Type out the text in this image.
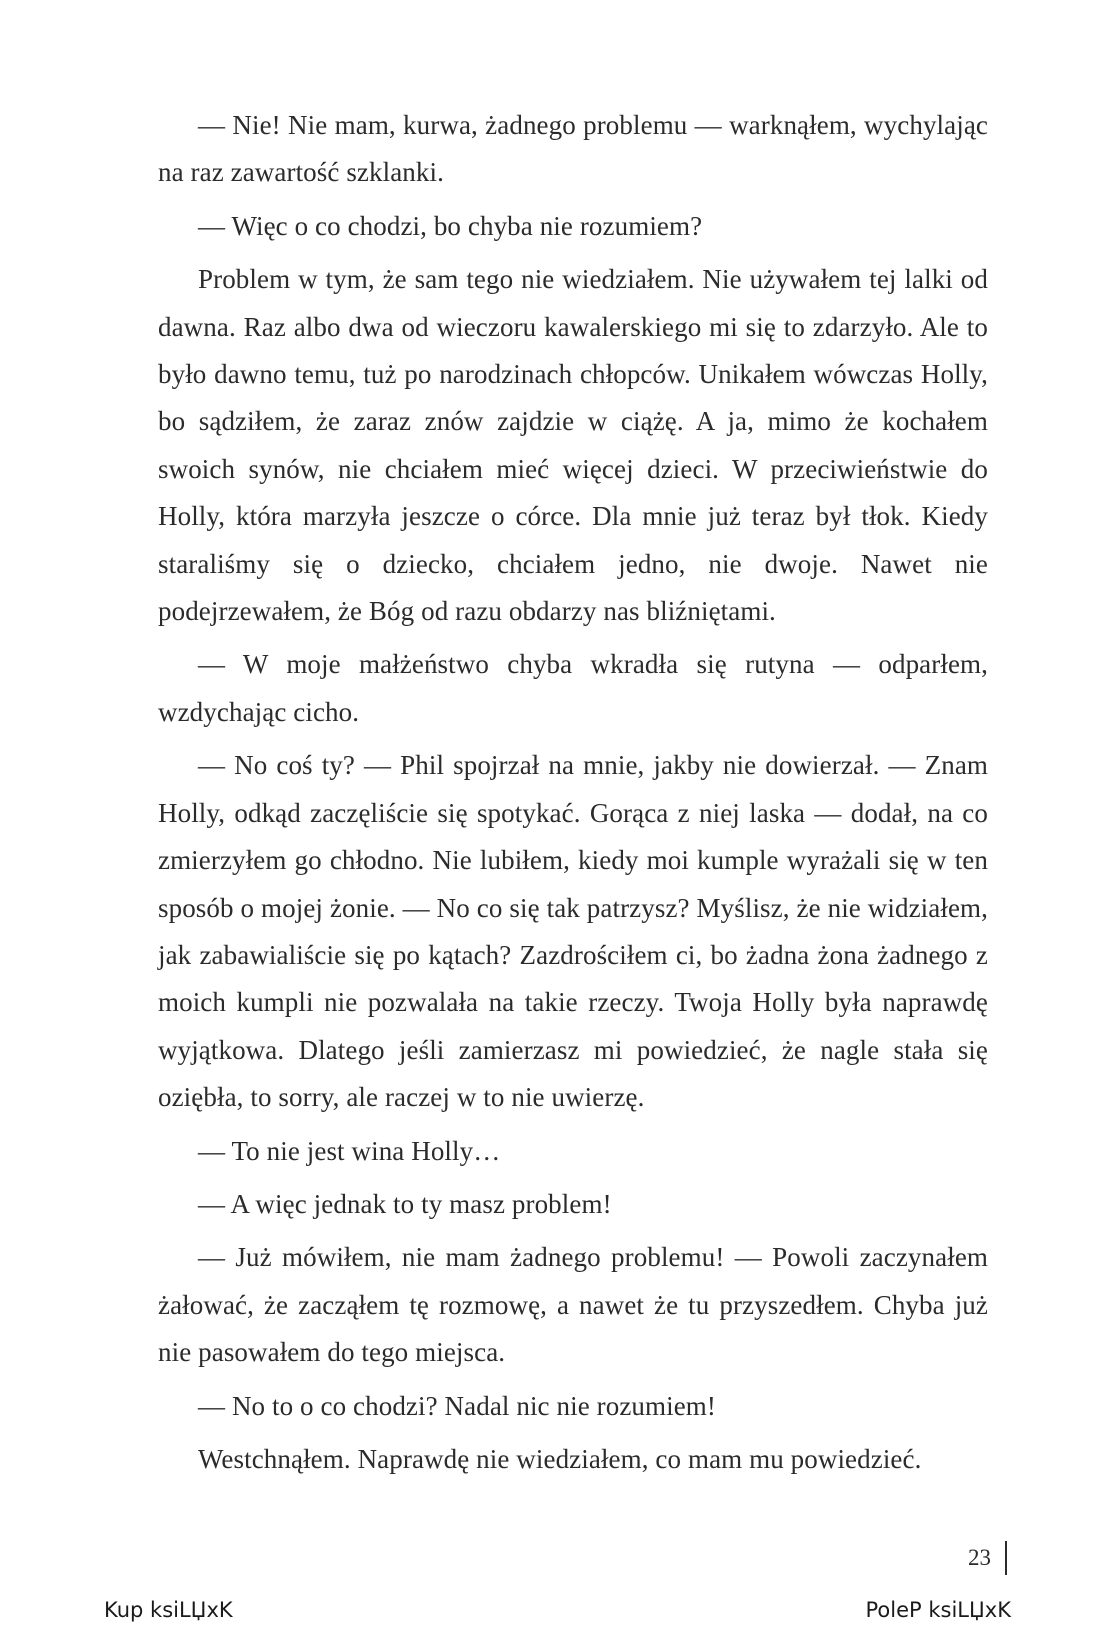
— Nie! Nie mam, kurwa, żadnego problemu — warknąłem, wychylając na raz zawartość szklanki.

— Więc o co chodzi, bo chyba nie rozumiem?

Problem w tym, że sam tego nie wiedziałem. Nie używałem tej lalki od dawna. Raz albo dwa od wieczoru kawalerskiego mi się to zdarzyło. Ale to było dawno temu, tuż po narodzinach chłopców. Unikałem wówczas Holly, bo sądziłem, że zaraz znów zajdzie w ciążę. A ja, mimo że kochałem swoich synów, nie chciałem mieć więcej dzieci. W przeciwieństwie do Holly, która marzyła jeszcze o córce. Dla mnie już teraz był tłok. Kiedy staraliśmy się o dziecko, chciałem jedno, nie dwoje. Nawet nie podejrzewałem, że Bóg od razu obdarzy nas bliźniętami.

— W moje małżeństwo chyba wkradła się rutyna — odparłem, wzdychając cicho.

— No coś ty? — Phil spojrzał na mnie, jakby nie dowierzał. — Znam Holly, odkąd zaczęliście się spotykać. Gorąca z niej laska — dodał, na co zmierzyłem go chłodno. Nie lubiłem, kiedy moi kumple wyrażali się w ten sposób o mojej żonie. — No co się tak patrzysz? Myślisz, że nie widziałem, jak zabawialiście się po kątach? Zazdrościłem ci, bo żadna żona żadnego z moich kumpli nie pozwalała na takie rzeczy. Twoja Holly była naprawdę wyjątkowa. Dlatego jeśli zamierzasz mi powiedzieć, że nagle stała się oziębła, to sorry, ale raczej w to nie uwierzę.

— To nie jest wina Holly…

— A więc jednak to ty masz problem!

— Już mówiłem, nie mam żadnego problemu! — Powoli zaczynałem żałować, że zacząłem tę rozmowę, a nawet że tu przyszedłem. Chyba już nie pasowałem do tego miejsca.

— No to o co chodzi? Nadal nic nie rozumiem!

Westchnąłem. Naprawdę nie wiedziałem, co mam mu powiedzieć.

23
Kup ksiLЏxK	PoleP ksiLЏxK
